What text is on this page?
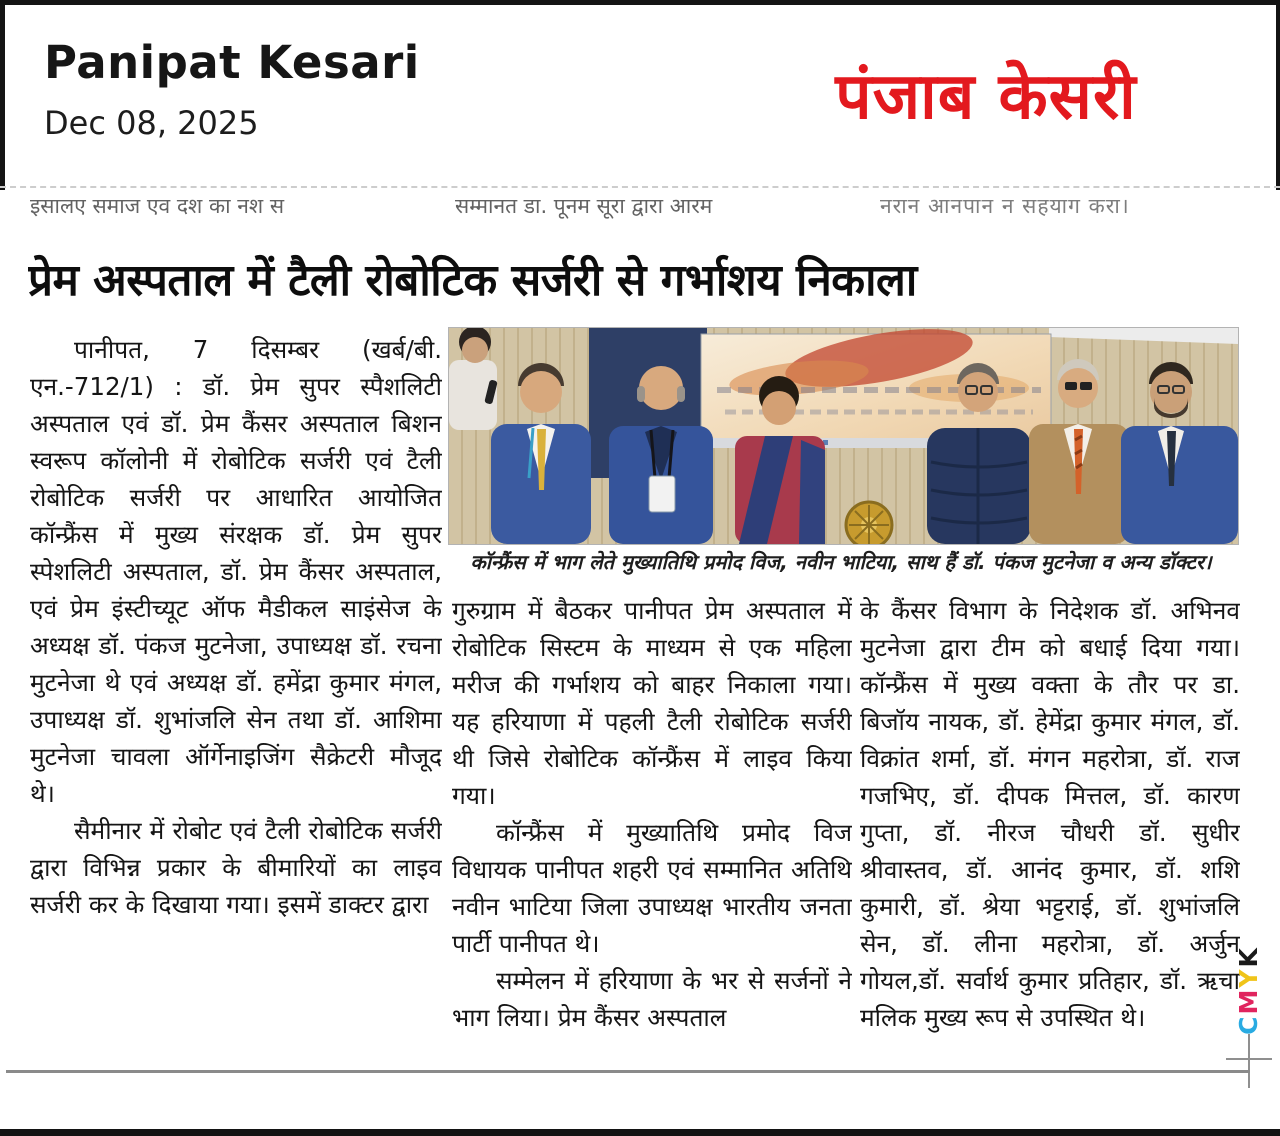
Panipat Kesari
Dec 08, 2025	पंजाब केसरी
इसालए समाज एव दश का नश स	सम्मानत डा. पूनम सूरा द्वारा आरम	नरान आनपान न सहयाग करा।
प्रेम अस्पताल में टैली रोबोटिक सर्जरी से गर्भाशय निकाला
कॉन्फ्रैंस में भाग लेते मुख्यातिथि प्रमोद विज, नवीन भाटिया, साथ हैं डॉ. पंकज मुटनेजा व अन्य डॉक्टर।

पानीपत, 7 दिसम्बर (खर्ब/बी. एन.-712/1) : डॉ. प्रेम सुपर स्पैशलिटी अस्पताल एवं डॉ. प्रेम कैंसर अस्पताल बिशन स्वरूप कॉलोनी में रोबोटिक सर्जरी एवं टैली रोबोटिक सर्जरी पर आधारित आयोजित कॉन्फ्रैंस में मुख्य संरक्षक डॉ. प्रेम सुपर स्पेशलिटी अस्पताल, डॉ. प्रेम कैंसर अस्पताल, एवं प्रेम इंस्टीच्यूट ऑफ मैडीकल साइंसेज के अध्यक्ष डॉ. पंकज मुटनेजा, उपाध्यक्ष डॉ. रचना मुटनेजा थे एवं अध्यक्ष डॉ. हमेंद्रा कुमार मंगल, उपाध्यक्ष डॉ. शुभांजलि सेन तथा डॉ. आशिमा मुटनेजा चावला ऑर्गेनाइजिंग सैक्रेटरी मौजूद थे।

सैमीनार में रोबोट एवं टैली रोबोटिक सर्जरी द्वारा विभिन्न प्रकार के बीमारियों का लाइव सर्जरी कर के दिखाया गया। इसमें डाक्टर द्वारा

गुरुग्राम में बैठकर पानीपत प्रेम अस्पताल में रोबोटिक सिस्टम के माध्यम से एक महिला मरीज की गर्भाशय को बाहर निकाला गया। यह हरियाणा में पहली टैली रोबोटिक सर्जरी थी जिसे रोबोटिक कॉन्फ्रैंस में लाइव किया गया।

कॉन्फ्रैंस में मुख्यातिथि प्रमोद विज विधायक पानीपत शहरी एवं सम्मानित अतिथि नवीन भाटिया जिला उपाध्यक्ष भारतीय जनता पार्टी पानीपत थे।

सम्मेलन में हरियाणा के भर से सर्जनों ने भाग लिया। प्रेम कैंसर अस्पताल

के कैंसर विभाग के निदेशक डॉ. अभिनव मुटनेजा द्वारा टीम को बधाई दिया गया। कॉन्फ्रैंस में मुख्य वक्ता के तौर पर डा. बिजॉय नायक, डॉ. हेमेंद्रा कुमार मंगल, डॉ. विक्रांत शर्मा, डॉ. मंगन महरोत्रा, डॉ. राज गजभिए, डॉ. दीपक मित्तल, डॉ. कारण गुप्ता, डॉ. नीरज चौधरी डॉ. सुधीर श्रीवास्तव, डॉ. आनंद कुमार, डॉ. शशि कुमारी, डॉ. श्रेया भट्टराई, डॉ. शुभांजलि सेन, डॉ. लीना महरोत्रा, डॉ. अर्जुन गोयल,डॉ. सर्वार्थ कुमार प्रतिहार, डॉ. ऋचा मलिक मुख्य रूप से उपस्थित थे।	CMYK
